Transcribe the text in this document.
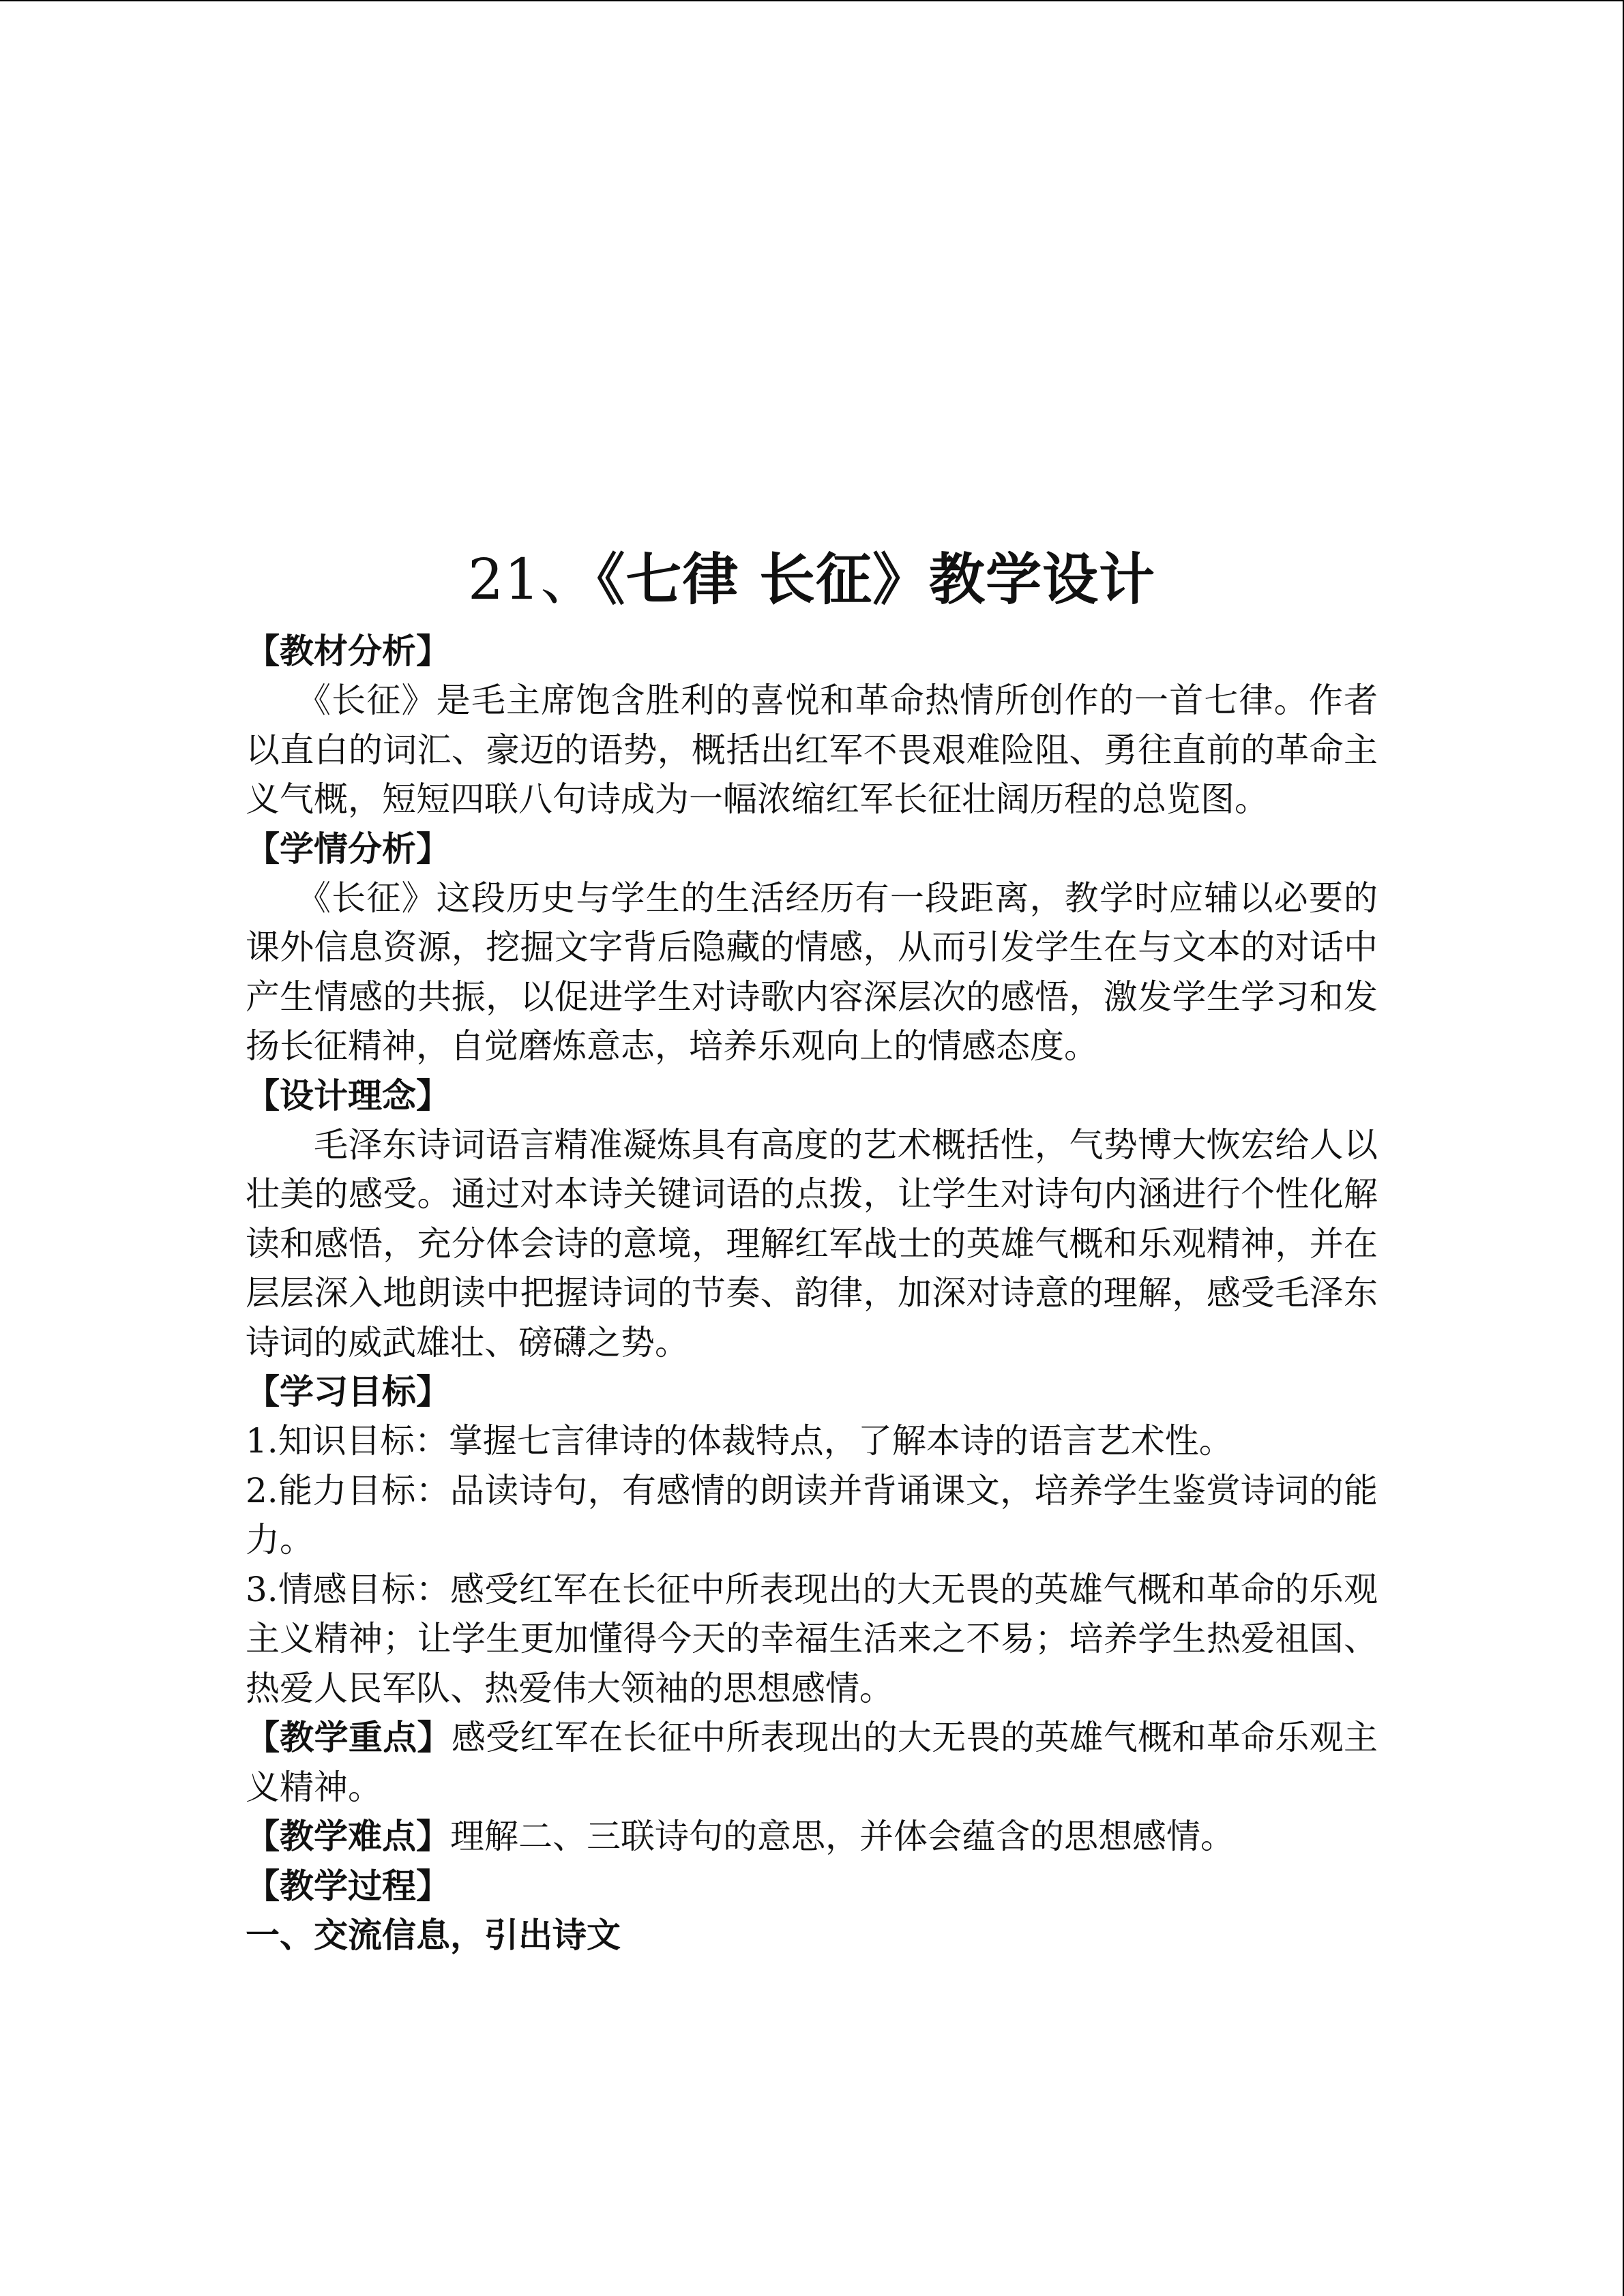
21、《七律 长征》教学设计

【教材分析】

《长征》是毛主席饱含胜利的喜悦和革命热情所创作的一首七律。作者以直白的词汇、豪迈的语势，概括出红军不畏艰难险阻、勇往直前的革命主义气概，短短四联八句诗成为一幅浓缩红军长征壮阔历程的总览图。

【学情分析】

《长征》这段历史与学生的生活经历有一段距离，教学时应辅以必要的课外信息资源，挖掘文字背后隐藏的情感，从而引发学生在与文本的对话中产生情感的共振，以促进学生对诗歌内容深层次的感悟，激发学生学习和发扬长征精神，自觉磨炼意志，培养乐观向上的情感态度。

【设计理念】

毛泽东诗词语言精准凝炼具有高度的艺术概括性，气势博大恢宏给人以壮美的感受。通过对本诗关键词语的点拨，让学生对诗句内涵进行个性化解读和感悟，充分体会诗的意境，理解红军战士的英雄气概和乐观精神，并在层层深入地朗读中把握诗词的节奏、韵律，加深对诗意的理解，感受毛泽东诗词的威武雄壮、磅礴之势。

【学习目标】

1.知识目标：掌握七言律诗的体裁特点，了解本诗的语言艺术性。

2.能力目标：品读诗句，有感情的朗读并背诵课文，培养学生鉴赏诗词的能力。

3.情感目标：感受红军在长征中所表现出的大无畏的英雄气概和革命的乐观主义精神；让学生更加懂得今天的幸福生活来之不易；培养学生热爱祖国、热爱人民军队、热爱伟大领袖的思想感情。

【教学重点】感受红军在长征中所表现出的大无畏的英雄气概和革命乐观主义精神。

【教学难点】理解二、三联诗句的意思，并体会蕴含的思想感情。

【教学过程】

一、交流信息，引出诗文
